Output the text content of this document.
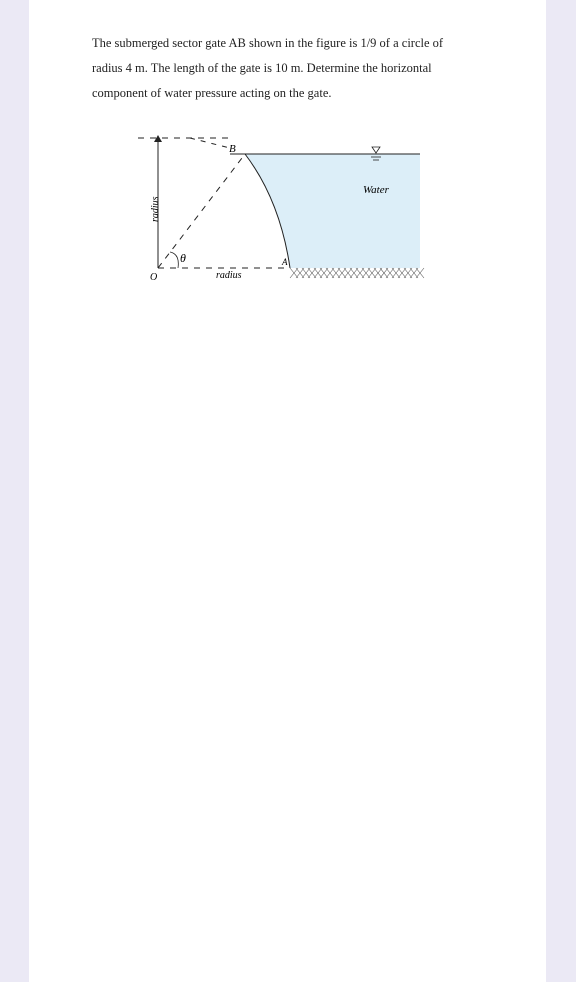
The submerged sector gate AB shown in the figure is 1/9 of a circle of
radius 4 m. The length of the gate is 10 m. Determine the horizontal
component of water pressure acting on the gate.
B
A
O
θ
Water
radius
radius
